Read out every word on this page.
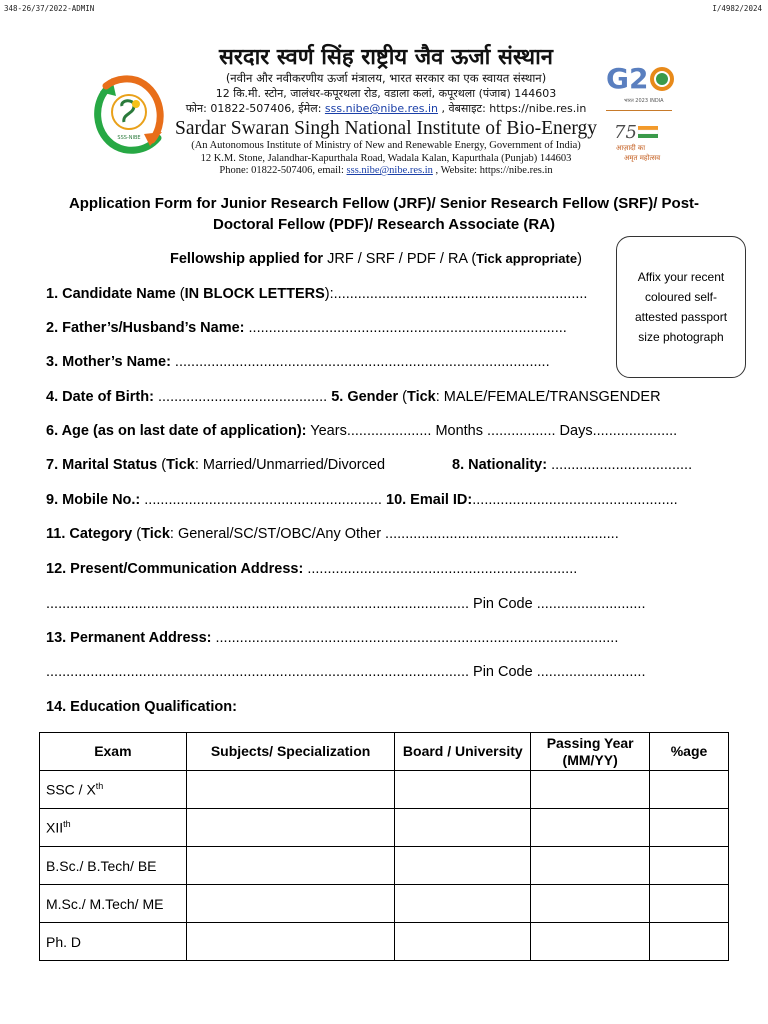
348-26/37/2022-ADMIN	I/4982/2024
SSS-NIBE
सरदार स्वर्ण सिंह राष्ट्रीय जैव ऊर्जा संस्थान
(नवीन और नवीकरणीय ऊर्जा मंत्रालय, भारत सरकार का एक स्वायत संस्थान)
12 कि.मी. स्टोन, जालंधर-कपूरथला रोड, वडाला कलां, कपूरथला (पंजाब) 144603
फोन: 01822-507406, ईमेल: sss.nibe@nibe.res.in , वेबसाइट: https://nibe.res.in
Sardar Swaran Singh National Institute of Bio-Energy
(An Autonomous Institute of Ministry of New and Renewable Energy, Government of India)
12 K.M. Stone, Jalandhar-Kapurthala Road, Wadala Kalan, Kapurthala (Punjab) 144603
Phone: 01822-507406, email: sss.nibe@nibe.res.in , Website: https://nibe.res.in
G2
भारत 2023 INDIA
75
आज़ादी का
अमृत महोत्सव
Application Form for Junior Research Fellow (JRF)/ Senior Research Fellow (SRF)/ Post-
Doctoral Fellow (PDF)/ Research Associate (RA)
Affix your recent coloured self-attested passport size photograph
Fellowship applied for JRF / SRF / PDF / RA (Tick appropriate)
1. Candidate Name (IN BLOCK LETTERS):...............................................................
2. Father’s/Husband’s Name: ...............................................................................
3. Mother’s Name: .............................................................................................
4. Date of Birth: .......................................... 5. Gender (Tick: MALE/FEMALE/TRANSGENDER
6. Age (as on last date of application): Years..................... Months ................. Days.....................
7. Marital Status (Tick: Married/Unmarried/Divorced	8. Nationality: ...................................
9. Mobile No.: ........................................................... 10. Email ID:...................................................
11. Category (Tick: General/SC/ST/OBC/Any Other ..........................................................
12. Present/Communication Address: ...................................................................
......................................................................................................... Pin Code ...........................
13. Permanent Address: ....................................................................................................
......................................................................................................... Pin Code ...........................
14. Education Qualification:
Exam	Subjects/ Specialization	Board / University	Passing Year (MM/YY)	%age
SSC / Xth				
XIIth				
B.Sc./ B.Tech/ BE				
M.Sc./ M.Tech/ ME				
Ph. D				
